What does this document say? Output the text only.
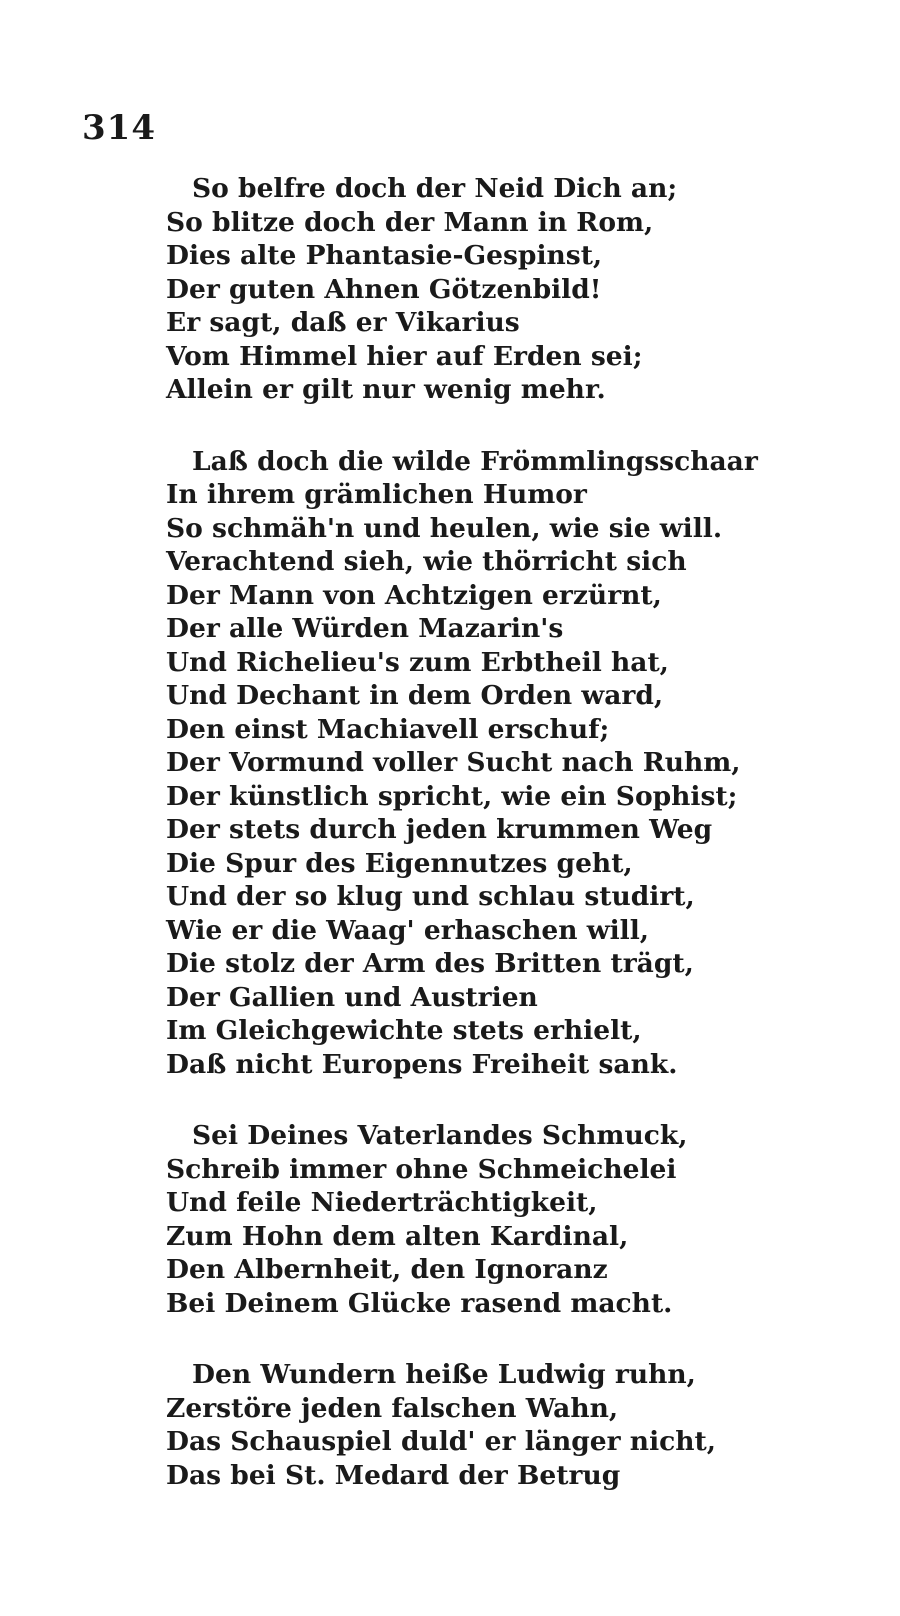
314
So belfre doch der Neid Dich an;
So blitze doch der Mann in Rom,
Dies alte Phantasie-Gespinst,
Der guten Ahnen Götzenbild!
Er sagt, daß er Vikarius
Vom Himmel hier auf Erden sei;
Allein er gilt nur wenig mehr.
Laß doch die wilde Frömmlingsschaar
In ihrem grämlichen Humor
So schmäh'n und heulen, wie sie will.
Verachtend sieh, wie thörricht sich
Der Mann von Achtzigen erzürnt,
Der alle Würden Mazarin's
Und Richelieu's zum Erbtheil hat,
Und Dechant in dem Orden ward,
Den einst Machiavell erschuf;
Der Vormund voller Sucht nach Ruhm,
Der künstlich spricht, wie ein Sophist;
Der stets durch jeden krummen Weg
Die Spur des Eigennutzes geht,
Und der so klug und schlau studirt,
Wie er die Waag' erhaschen will,
Die stolz der Arm des Britten trägt,
Der Gallien und Austrien
Im Gleichgewichte stets erhielt,
Daß nicht Europens Freiheit sank.
Sei Deines Vaterlandes Schmuck,
Schreib immer ohne Schmeichelei
Und feile Niederträchtigkeit,
Zum Hohn dem alten Kardinal,
Den Albernheit, den Ignoranz
Bei Deinem Glücke rasend macht.
Den Wundern heiße Ludwig ruhn,
Zerstöre jeden falschen Wahn,
Das Schauspiel duld' er länger nicht,
Das bei St. Medard der Betrug
